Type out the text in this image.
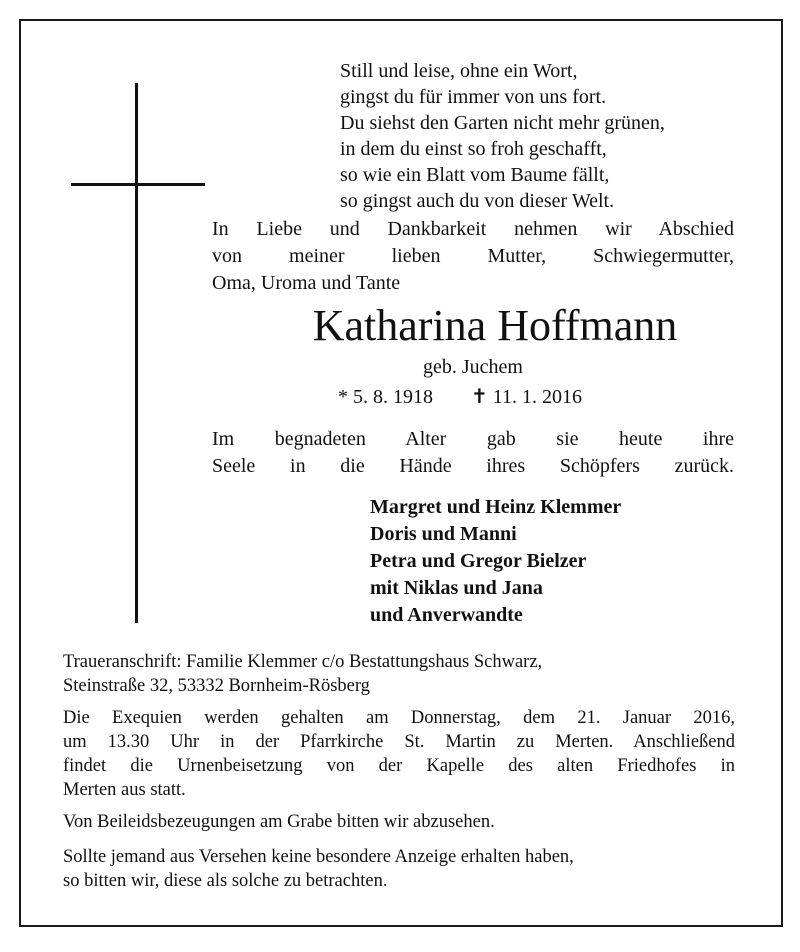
Still und leise, ohne ein Wort,
gingst du für immer von uns fort.
Du siehst den Garten nicht mehr grünen,
in dem du einst so froh geschafft,
so wie ein Blatt vom Baume fällt,
so gingst auch du von dieser Welt.
In Liebe und Dankbarkeit nehmen wir Abschied
von meiner lieben Mutter, Schwiegermutter,
Oma, Uroma und Tante
Katharina Hoffmann
geb. Juchem
* 5. 8. 1918 ✝ 11. 1. 2016
Im begnadeten Alter gab sie heute ihre
Seele in die Hände ihres Schöpfers zurück.
Margret und Heinz Klemmer
Doris und Manni
Petra und Gregor Bielzer
mit Niklas und Jana
und Anverwandte
Traueranschrift: Familie Klemmer c/o Bestattungshaus Schwarz,
Steinstraße 32, 53332 Bornheim-Rösberg
Die Exequien werden gehalten am Donnerstag, dem 21. Januar 2016,
um 13.30 Uhr in der Pfarrkirche St. Martin zu Merten. Anschließend
findet die Urnenbeisetzung von der Kapelle des alten Friedhofes in
Merten aus statt.
Von Beileidsbezeugungen am Grabe bitten wir abzusehen.
Sollte jemand aus Versehen keine besondere Anzeige erhalten haben,
so bitten wir, diese als solche zu betrachten.
